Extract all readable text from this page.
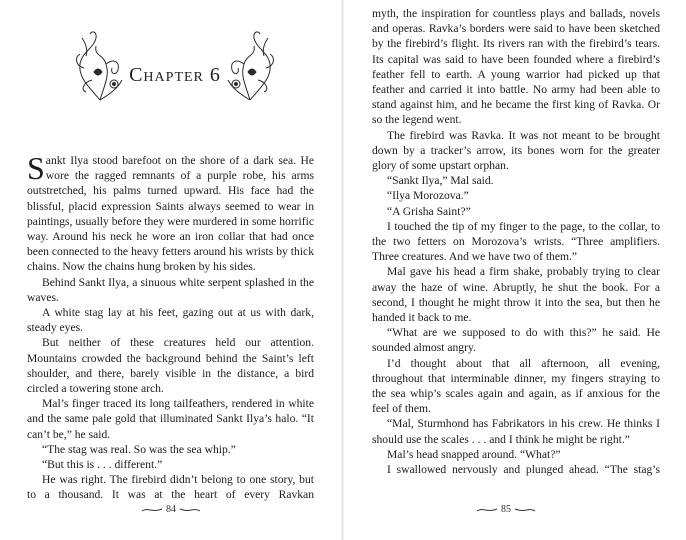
Chapter 6

Sankt Ilya stood barefoot on the shore of a dark sea. He wore the ragged remnants of a purple robe, his arms outstretched, his palms turned upward. His face had the blissful, placid expression Saints always seemed to wear in paintings, usually before they were murdered in some horrific way. Around his neck he wore an iron collar that had once been connected to the heavy fetters around his wrists by thick chains. Now the chains hung broken by his sides.

Behind Sankt Ilya, a sinuous white serpent splashed in the waves.

A white stag lay at his feet, gazing out at us with dark, steady eyes.

But neither of these creatures held our attention. Mountains crowded the background behind the Saint’s left shoulder, and there, barely visible in the distance, a bird circled a towering stone arch.

Mal’s finger traced its long tailfeathers, rendered in white and the same pale gold that illuminated Sankt Ilya’s halo. “It can’t be,” he said.

“The stag was real. So was the sea whip.”

“But this is . . . different.”

He was right. The firebird didn’t belong to one story, but to a thousand. It was at the heart of every Ravkan

84

myth, the inspiration for countless plays and ballads, novels and operas. Ravka’s borders were said to have been sketched by the firebird’s flight. Its rivers ran with the firebird’s tears. Its capital was said to have been founded where a firebird’s feather fell to earth. A young warrior had picked up that feather and carried it into battle. No army had been able to stand against him, and he became the first king of Ravka. Or so the legend went.

The firebird was Ravka. It was not meant to be brought down by a tracker’s arrow, its bones worn for the greater glory of some upstart orphan.

“Sankt Ilya,” Mal said.

“Ilya Morozova.”

“A Grisha Saint?”

I touched the tip of my finger to the page, to the collar, to the two fetters on Morozova’s wrists. “Three amplifiers. Three creatures. And we have two of them.”

Mal gave his head a firm shake, probably trying to clear away the haze of wine. Abruptly, he shut the book. For a second, I thought he might throw it into the sea, but then he handed it back to me.

“What are we supposed to do with this?” he said. He sounded almost angry.

I’d thought about that all afternoon, all evening, throughout that interminable dinner, my fingers straying to the sea whip’s scales again and again, as if anxious for the feel of them.

“Mal, Sturmhond has Fabrikators in his crew. He thinks I should use the scales . . . and I think he might be right.”

Mal’s head snapped around. “What?”

I swallowed nervously and plunged ahead. “The stag’s

85
